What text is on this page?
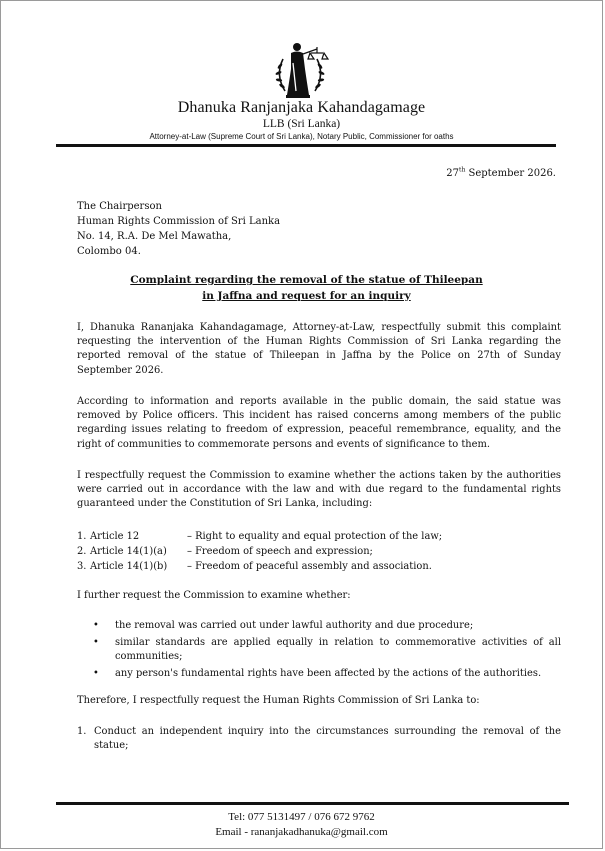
Dhanuka Ranjanjaka Kahandagamage
LLB (Sri Lanka)
Attorney-at-Law (Supreme Court of Sri Lanka), Notary Public, Commissioner for oaths
27th September 2026.
The Chairperson
Human Rights Commission of Sri Lanka
No. 14, R.A. De Mel Mawatha,
Colombo 04.
Complaint regarding the removal of the statue of Thileepan
in Jaffna and request for an inquiry

I, Dhanuka Rananjaka Kahandagamage, Attorney-at-Law, respectfully submit this complaint requesting the intervention of the Human Rights Commission of Sri Lanka regarding the reported removal of the statue of Thileepan in Jaffna by the Police on 27th of Sunday September 2026.

According to information and reports available in the public domain, the said statue was removed by Police officers. This incident has raised concerns among members of the public regarding issues relating to freedom of expression, peaceful remembrance, equality, and the right of communities to commemorate persons and events of significance to them.

I respectfully request the Commission to examine whether the actions taken by the authorities were carried out in accordance with the law and with due regard to the fundamental rights guaranteed under the Constitution of Sri Lanka, including:

1. Article 12	– Right to equality and equal protection of the law;
2. Article 14(1)(a) – Freedom of speech and expression;
3. Article 14(1)(b) – Freedom of peaceful assembly and association.

I further request the Commission to examine whether:

• the removal was carried out under lawful authority and due procedure;
• similar standards are applied equally in relation to commemorative activities of all communities;
• any person's fundamental rights have been affected by the actions of the authorities.

Therefore, I respectfully request the Human Rights Commission of Sri Lanka to:

1. Conduct an independent inquiry into the circumstances surrounding the removal of the statue;
Tel: 077 5131497 / 076 672 9762
Email - rananjakadhanuka@gmail.com
